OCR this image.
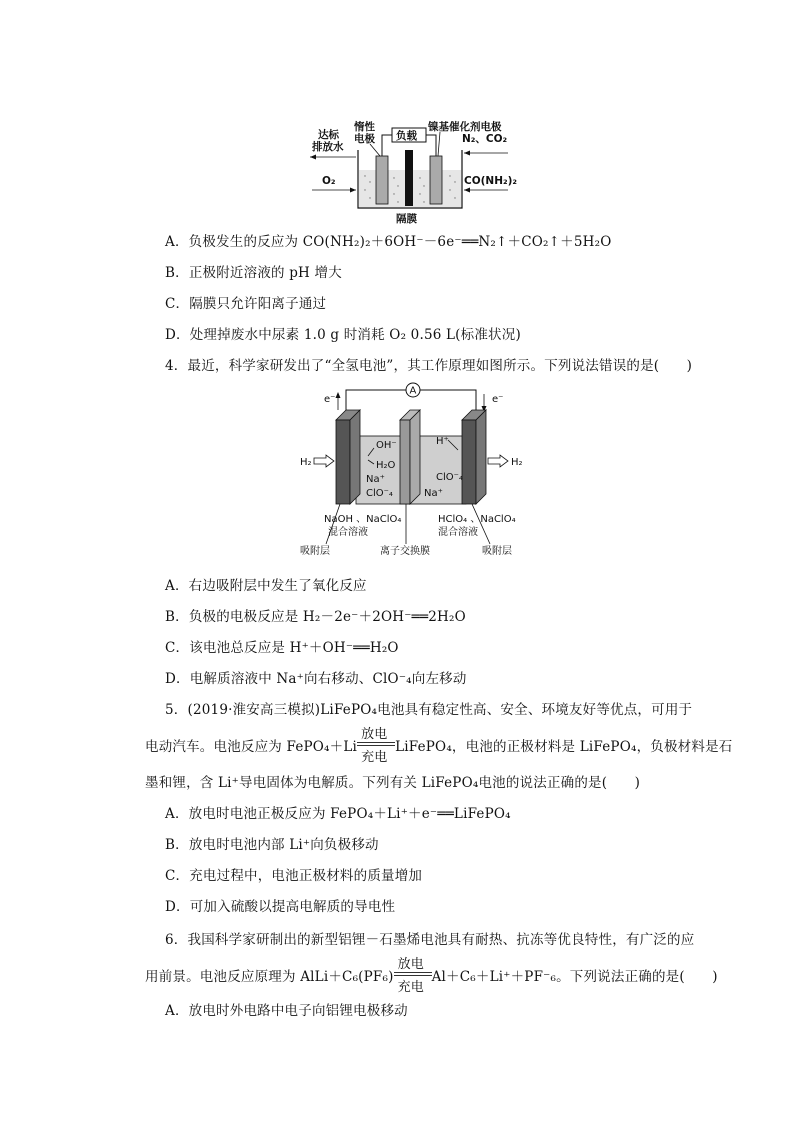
负载
惰性
电极
镍基催化剂电极
达标
排放水
N₂、CO₂
O₂	CO(NH₂)₂
隔膜
A．负极发生的反应为 CO(NH₂)₂＋6OH⁻－6e⁻══N₂↑＋CO₂↑＋5H₂O
B．正极附近溶液的 pH 增大
C．隔膜只允许阳离子通过
D．处理掉废水中尿素 1.0 g 时消耗 O₂ 0.56 L(标准状况)
4．最近，科学家研发出了“全氢电池”，其工作原理如图所示。下列说法错误的是(　　)
A
e⁻	e⁻
H₂	H₂
OH⁻
H₂O
Na⁺
ClO⁻₄
H⁺
ClO⁻₄
Na⁺
NaOH 、NaClO₄
混合溶液
HClO₄ 、NaClO₄
混合溶液
吸附层	离子交换膜	吸附层
A．右边吸附层中发生了氧化反应
B．负极的电极反应是 H₂－2e⁻＋2OH⁻══2H₂O
C．该电池总反应是 H⁺＋OH⁻══H₂O
D．电解质溶液中 Na⁺向右移动、ClO⁻₄向左移动
5．(2019·淮安高三模拟)LiFePO₄电池具有稳定性高、安全、环境友好等优点，可用于
电动汽车。电池反应为 FePO₄＋Li
放电
充电
LiFePO₄，电池的正极材料是 LiFePO₄，负极材料是石
墨和锂，含 Li⁺导电固体为电解质。下列有关 LiFePO₄电池的说法正确的是(　　)
A．放电时电池正极反应为 FePO₄＋Li⁺＋e⁻══LiFePO₄
B．放电时电池内部 Li⁺向负极移动
C．充电过程中，电池正极材料的质量增加
D．可加入硫酸以提高电解质的导电性
6．我国科学家研制出的新型铝锂－石墨烯电池具有耐热、抗冻等优良特性，有广泛的应
用前景。电池反应原理为 AlLi＋C₆(PF₆)
放电
充电
Al＋C₆＋Li⁺＋PF⁻₆。下列说法正确的是(　　)
A．放电时外电路中电子向铝锂电极移动
